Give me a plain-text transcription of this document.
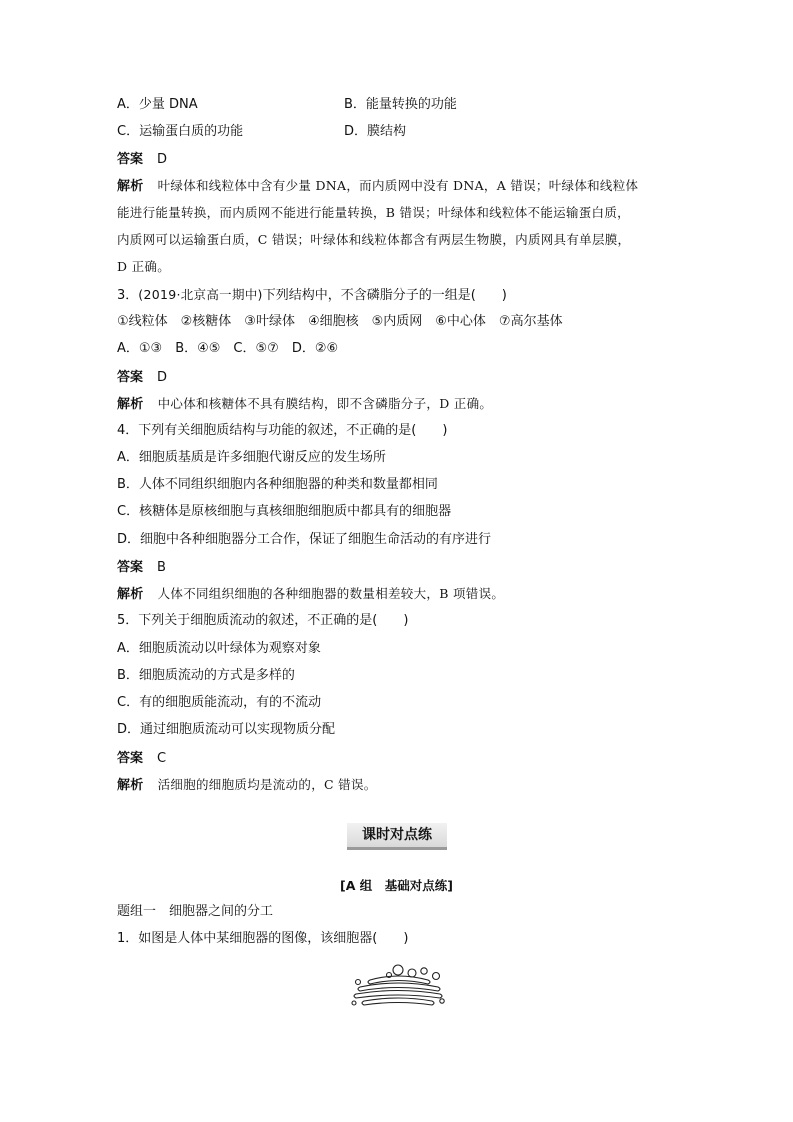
A．少量 DNA	B．能量转换的功能
C．运输蛋白质的功能	D．膜结构
答案 D
解析 叶绿体和线粒体中含有少量 DNA，而内质网中没有 DNA，A 错误；叶绿体和线粒体
能进行能量转换，而内质网不能进行能量转换，B 错误；叶绿体和线粒体不能运输蛋白质，
内质网可以运输蛋白质，C 错误；叶绿体和线粒体都含有两层生物膜，内质网具有单层膜，
D 正确。
3．(2019·北京高一期中)下列结构中，不含磷脂分子的一组是(　　)
①线粒体　②核糖体　③叶绿体　④细胞核　⑤内质网　⑥中心体　⑦高尔基体
A．①③　B．④⑤　C．⑤⑦　D．②⑥
答案 D
解析 中心体和核糖体不具有膜结构，即不含磷脂分子，D 正确。
4．下列有关细胞质结构与功能的叙述，不正确的是(　　)
A．细胞质基质是许多细胞代谢反应的发生场所
B．人体不同组织细胞内各种细胞器的种类和数量都相同
C．核糖体是原核细胞与真核细胞细胞质中都具有的细胞器
D．细胞中各种细胞器分工合作，保证了细胞生命活动的有序进行
答案 B
解析 人体不同组织细胞的各种细胞器的数量相差较大，B 项错误。
5．下列关于细胞质流动的叙述，不正确的是(　　)
A．细胞质流动以叶绿体为观察对象
B．细胞质流动的方式是多样的
C．有的细胞质能流动，有的不流动
D．通过细胞质流动可以实现物质分配
答案 C
解析 活细胞的细胞质均是流动的，C 错误。
课时对点练
[A 组　基础对点练]
题组一　细胞器之间的分工
1．如图是人体中某细胞器的图像，该细胞器(　　)
